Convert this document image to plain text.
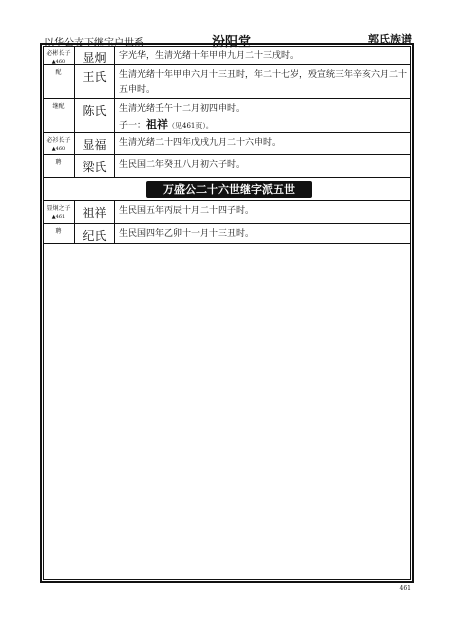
以华公支下继宝户世系	汾阳堂	郭氏族谱
必彬长子
▲460	显炯	字光华，生清光绪十年甲申九月二十三戌时。
配	王氏	生清光绪十年甲申六月十三丑时，年二十七岁，殁宣统三年辛亥六月二十五申时。
继配	陈氏	生清光绪壬午十二月初四申时。
子一：祖祥（见461页）。
必衫长子
▲460	显福	生清光绪二十四年戊戌九月二十六申时。
聘	梁氏	生民国二年癸丑八月初六子时。
万盛公二十六世继字派五世
显炯之子
▲461	祖祥	生民国五年丙辰十月二十四子时。
聘	纪氏	生民国四年乙卯十一月十三丑时。
461
